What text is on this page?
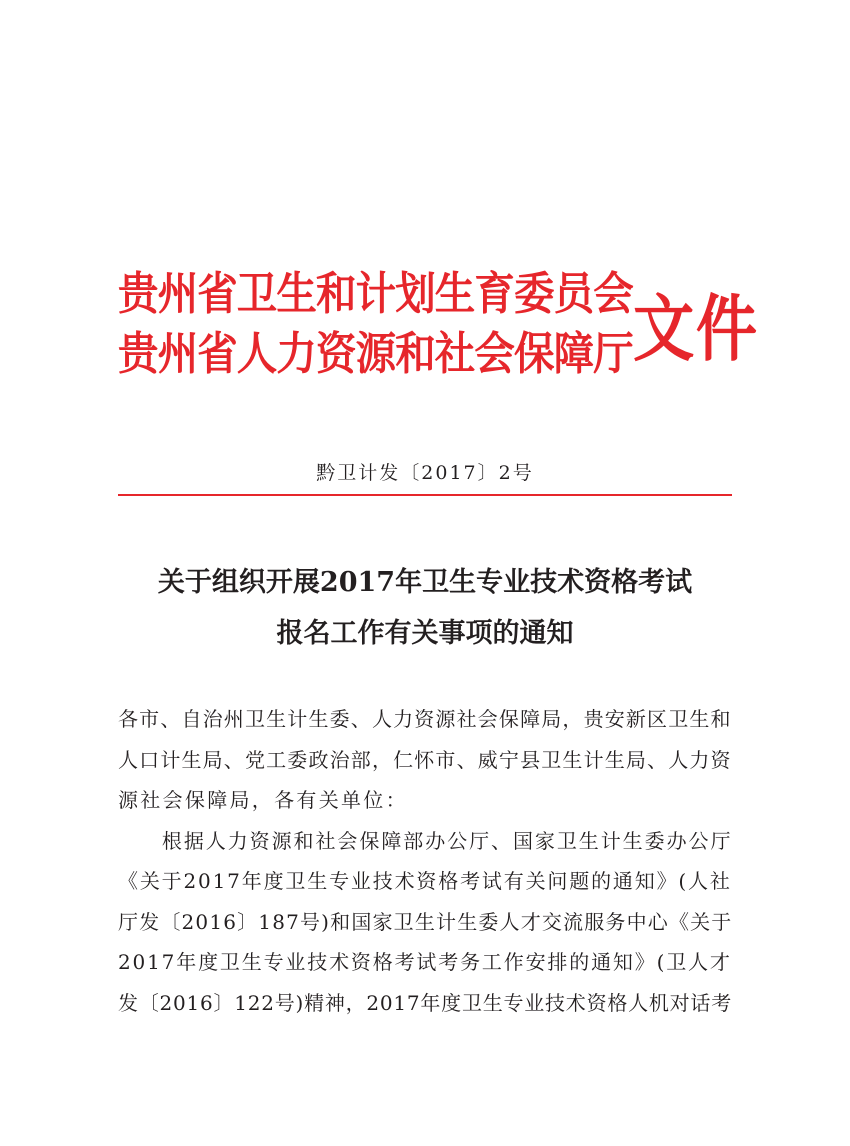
贵州省卫生和计划生育委员会
贵州省人力资源和社会保障厅 文件
黔卫计发〔2017〕2号
关于组织开展2017年卫生专业技术资格考试
报名工作有关事项的通知
各市、自治州卫生计生委、人力资源社会保障局，贵安新区卫生和
人口计生局、党工委政治部，仁怀市、威宁县卫生计生局、人力资
源社会保障局，各有关单位：
　　根据人力资源和社会保障部办公厅、国家卫生计生委办公厅
《关于2017年度卫生专业技术资格考试有关问题的通知》(人社
厅发〔2016〕187号)和国家卫生计生委人才交流服务中心《关于
2017年度卫生专业技术资格考试考务工作安排的通知》(卫人才
发〔2016〕122号)精神，2017年度卫生专业技术资格人机对话考
